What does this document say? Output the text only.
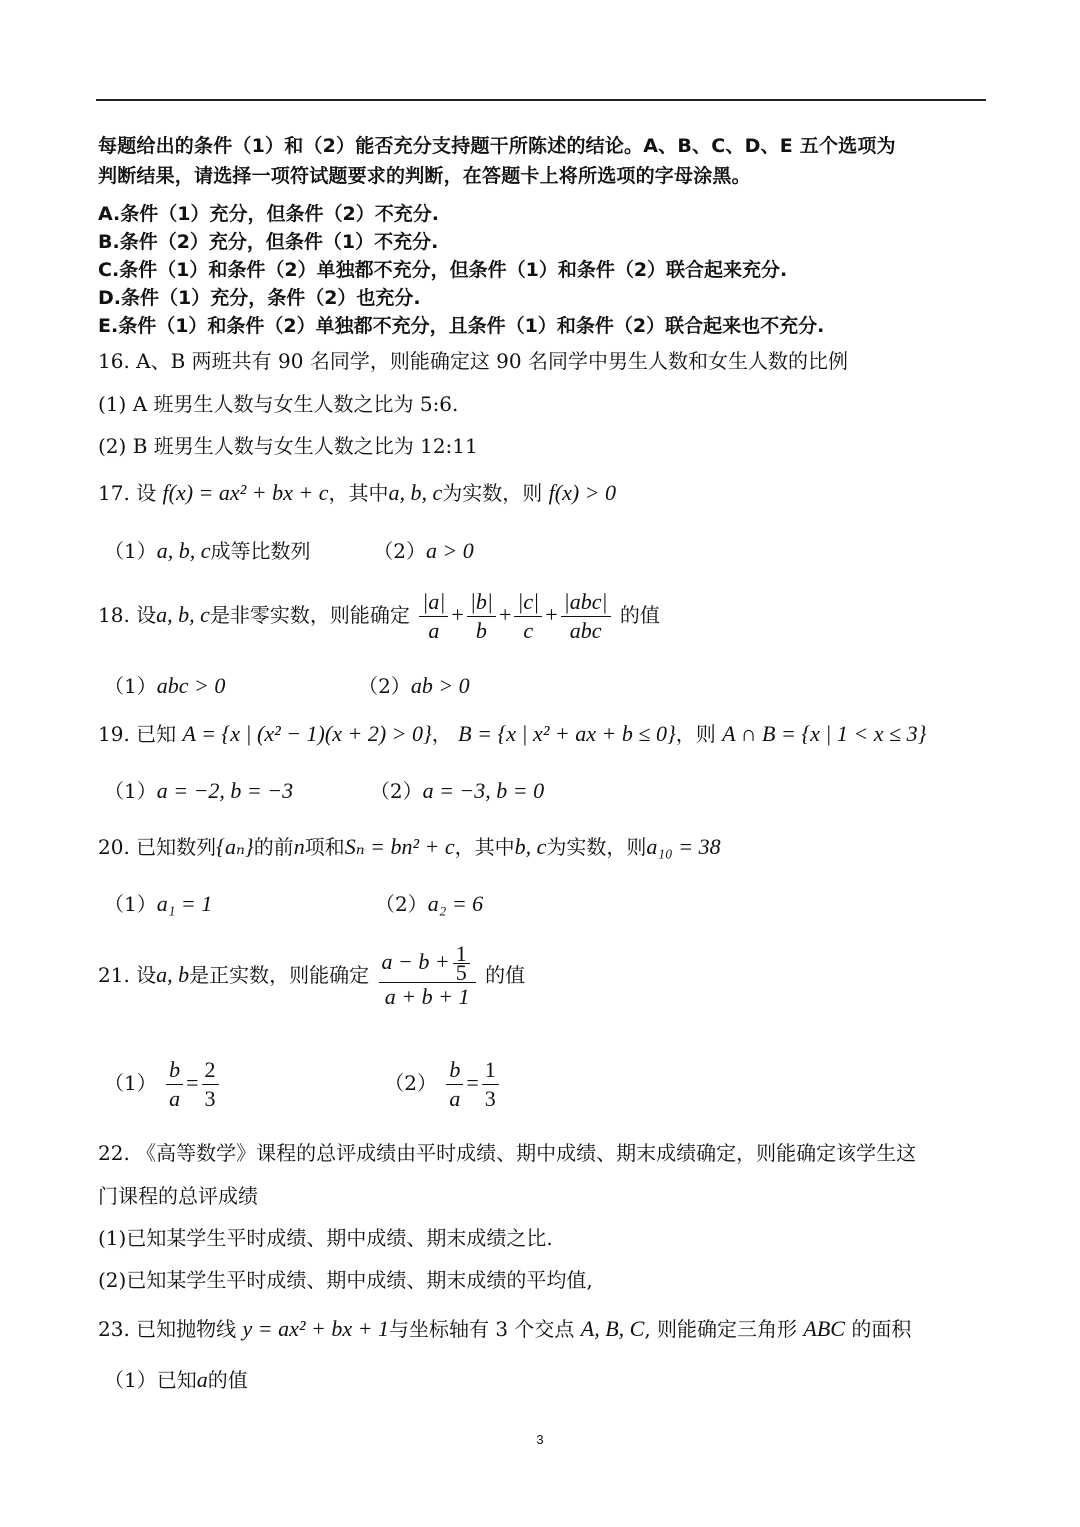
每题给出的条件（1）和（2）能否充分支持题干所陈述的结论。A、B、C、D、E 五个选项为
判断结果，请选择一项符试题要求的判断，在答题卡上将所选项的字母涂黑。
A.条件（1）充分，但条件（2）不充分.
B.条件（2）充分，但条件（1）不充分.
C.条件（1）和条件（2）单独都不充分，但条件（1）和条件（2）联合起来充分.
D.条件（1）充分，条件（2）也充分.
E.条件（1）和条件（2）单独都不充分，且条件（1）和条件（2）联合起来也不充分.
16. A、B 两班共有 90 名同学，则能确定这 90 名同学中男生人数和女生人数的比例
(1) A 班男生人数与女生人数之比为 5:6.
(2) B 班男生人数与女生人数之比为 12:11
17. 设 f(x) = ax² + bx + c，其中a, b, c为实数，则 f(x) > 0
（1）a, b, c成等比数列	（2）a > 0
18. 设a, b, c是非零实数，则能确定 $\frac{|a|}{a} + \frac{|b|}{b} + \frac{|c|}{c} + \frac{\text{|abc|}}{\text{abc}}$ 的值
（1）abc > 0	（2）ab > 0
19. 已知 A = {x | (x² − 1)(x + 2) > 0}， B = {x | x² + ax + b ≤ 0}，则 A ∩ B = {x | 1 < x ≤ 3}
（1）a = −2, b = −3	（2）a = −3, b = 0
20. 已知数列{aₙ}的前n项和Sₙ = bn² + c，其中b, c为实数，则a₁₀ = 38
（1）a₁ = 1	（2）a₂ = 6
21. 设a, b是正实数，则能确定 $\frac{a - b + \frac{1}{5}}{a + b + 1}$ 的值
$(1) \frac{b}{a} = \frac{2}{3}$	$(2) \frac{b}{a} = \frac{1}{3}$
22. 《高等数学》课程的总评成绩由平时成绩、期中成绩、期末成绩确定，则能确定该学生这
门课程的总评成绩
(1)已知某学生平时成绩、期中成绩、期末成绩之比.
(2)已知某学生平时成绩、期中成绩、期末成绩的平均值,
23. 已知抛物线 y = ax² + bx + 1与坐标轴有 3 个交点 A, B, C, 则能确定三角形 ABC 的面积
（1）已知a的值
3
